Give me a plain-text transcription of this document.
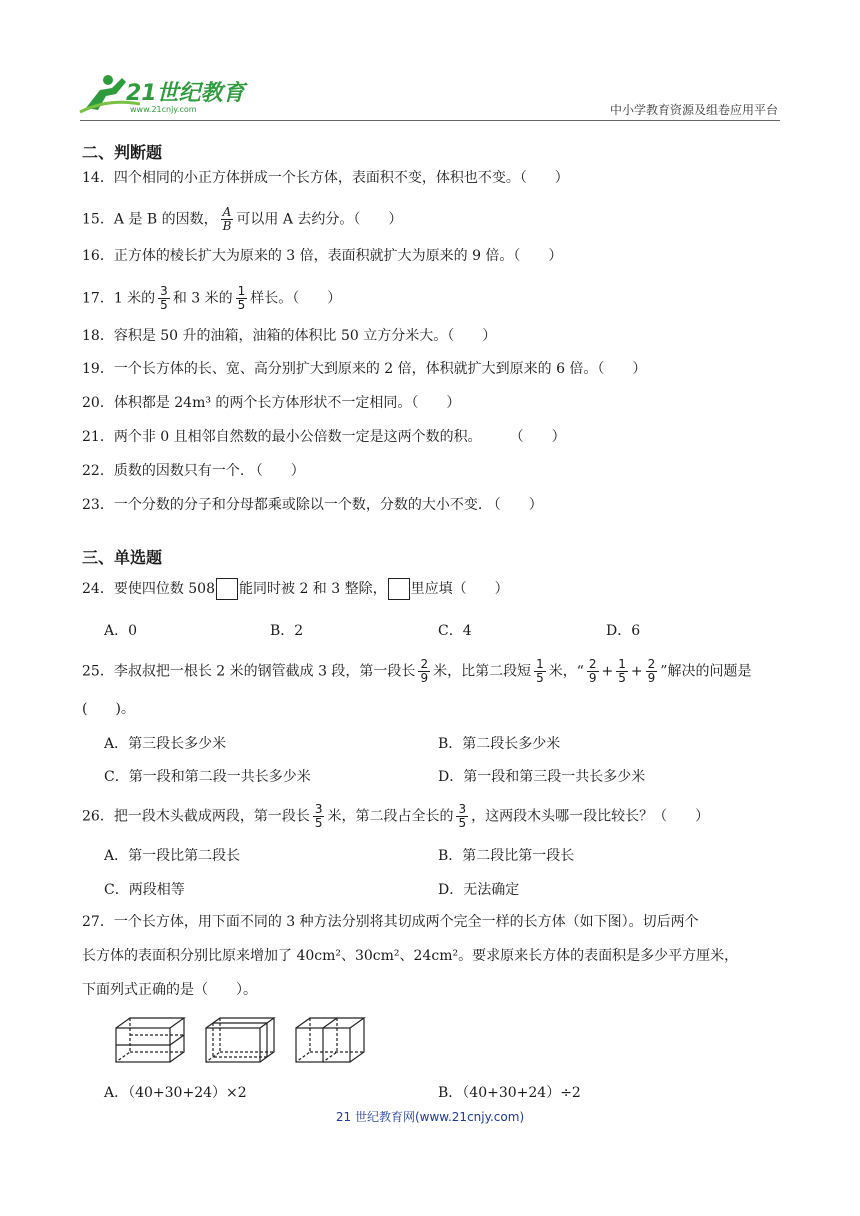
21世纪教育
www.21cnjy.com	中小学教育资源及组卷应用平台
二、判断题
14．四个相同的小正方体拼成一个长方体，表面积不变，体积也不变。（　　）
15．A 是 B 的因数， $\frac{A}{B}$ 可以用 A 去约分。（　　）
16．正方体的棱长扩大为原来的 3 倍，表面积就扩大为原来的 9 倍。（　　）
17．1 米的 $\frac{3}{5}$ 和 3 米的 $\frac{1}{5}$ 样长。（　　）
18．容积是 50 升的油箱，油箱的体积比 50 立方分米大。（　　）
19．一个长方体的长、宽、高分别扩大到原来的 2 倍，体积就扩大到原来的 6 倍。（　　）
20．体积都是 24m³ 的两个长方体形状不一定相同。（　　）
21．两个非 0 且相邻自然数的最小公倍数一定是这两个数的积。　　　（　　）
22．质数的因数只有一个. （　　）
23．一个分数的分子和分母都乘或除以一个数，分数的大小不变. （　　）
三、单选题
24．要使四位数 508 能同时被 2 和 3 整除， 里应填（　　）
A．0	B．2	C．4	D．6
25．李叔叔把一根长 2 米的钢管截成 3 段，第一段长 $\frac{2}{9}$ 米，比第二段短 $\frac{1}{5}$ 米，“ $\frac{2}{9} + \frac{1}{5} + \frac{2}{9}$ ”解决的问题是
(　　)。
A．第三段长多少米	B．第二段长多少米
C．第一段和第二段一共长多少米	D．第一段和第三段一共长多少米
26．把一段木头截成两段，第一段长 $\frac{3}{5}$ 米，第二段占全长的 $\frac{3}{5}$ ，这两段木头哪一段比较长？（　　）
A．第一段比第二段长	B．第二段比第一段长
C．两段相等	D．无法确定
27．一个长方体，用下面不同的 3 种方法分别将其切成两个完全一样的长方体（如下图）。切后两个
长方体的表面积分别比原来增加了 40cm²、30cm²、24cm²。要求原来长方体的表面积是多少平方厘米，
下面列式正确的是（　　）。
A．（40+30+24）×2	B．（40+30+24）÷2
21 世纪教育网(www.21cnjy.com)
